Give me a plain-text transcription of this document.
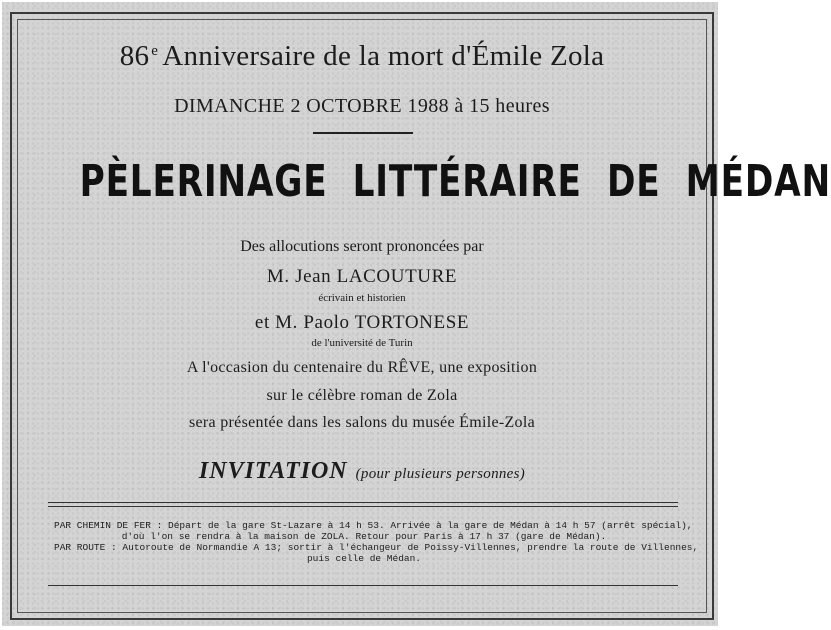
86 $^e$ Anniversaire de la mort d'Émile Zola
DIMANCHE 2 OCTOBRE 1988 à 15 heures
PÈLERINAGE LITTÉRAIRE DE MÉDAN
Des allocutions seront prononcées par
M. Jean LACOUTURE
écrivain et historien
et M. Paolo TORTONESE
de l'université de Turin
A l'occasion du centenaire du RÊVE, une exposition
sur le célèbre roman de Zola
sera présentée dans les salons du musée Émile-Zola
INVITATION (pour plusieurs personnes)
PAR CHEMIN DE FER : Départ de la gare St-Lazare à 14 h 53. Arrivée à la gare de Médan à 14 h 57 (arrêt spécial),
d'où l'on se rendra à la maison de ZOLA. Retour pour Paris à 17 h 37 (gare de Médan).
PAR ROUTE : Autoroute de Normandie A 13; sortir à l'échangeur de Poissy-Villennes, prendre la route de Villennes,
puis celle de Médan.
